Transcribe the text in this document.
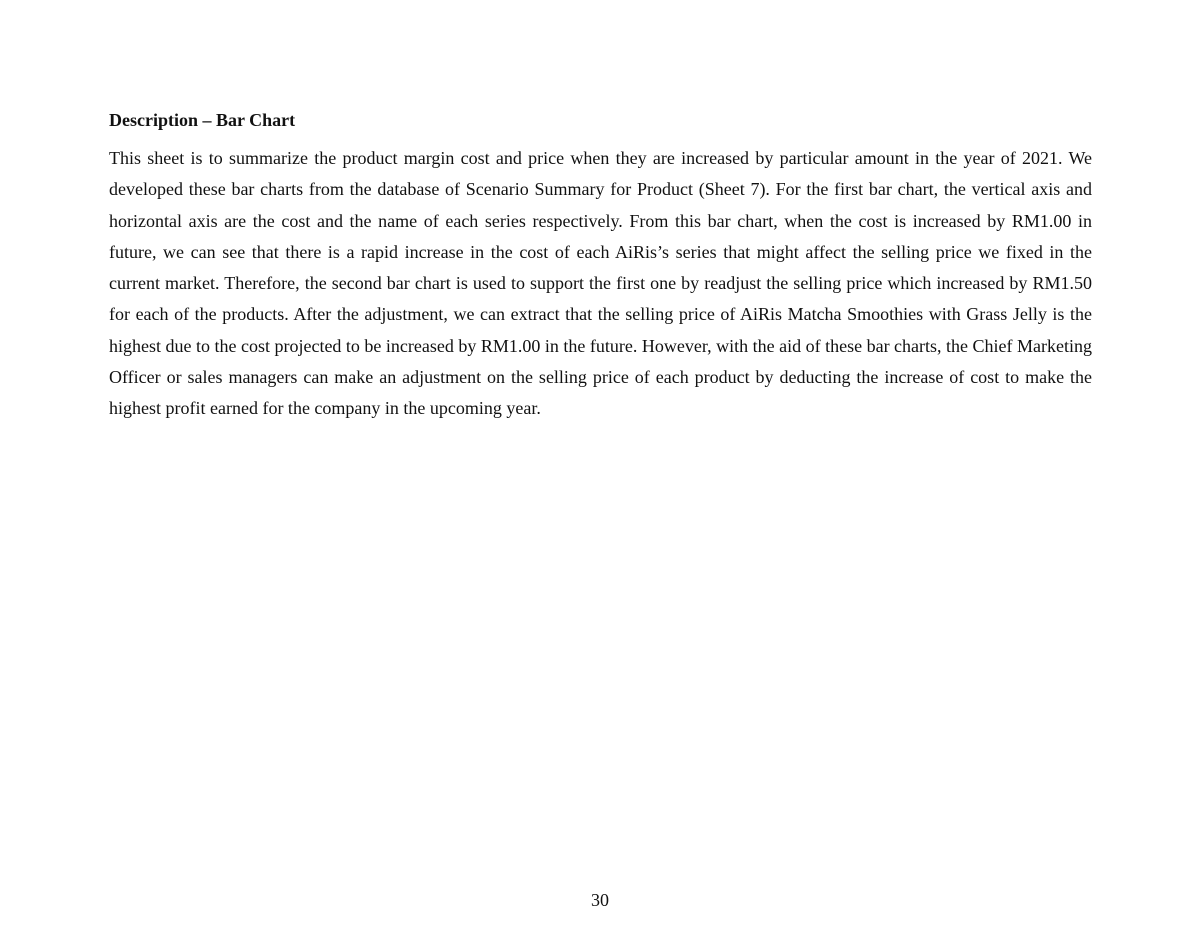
Description – Bar Chart

This sheet is to summarize the product margin cost and price when they are increased by particular amount in the year of 2021. We developed these bar charts from the database of Scenario Summary for Product (Sheet 7). For the first bar chart, the vertical axis and horizontal axis are the cost and the name of each series respectively. From this bar chart, when the cost is increased by RM1.00 in future, we can see that there is a rapid increase in the cost of each AiRis’s series that might affect the selling price we fixed in the current market. Therefore, the second bar chart is used to support the first one by readjust the selling price which increased by RM1.50 for each of the products. After the adjustment, we can extract that the selling price of AiRis Matcha Smoothies with Grass Jelly is the highest due to the cost projected to be increased by RM1.00 in the future. However, with the aid of these bar charts, the Chief Marketing Officer or sales managers can make an adjustment on the selling price of each product by deducting the increase of cost to make the highest profit earned for the company in the upcoming year.

30
